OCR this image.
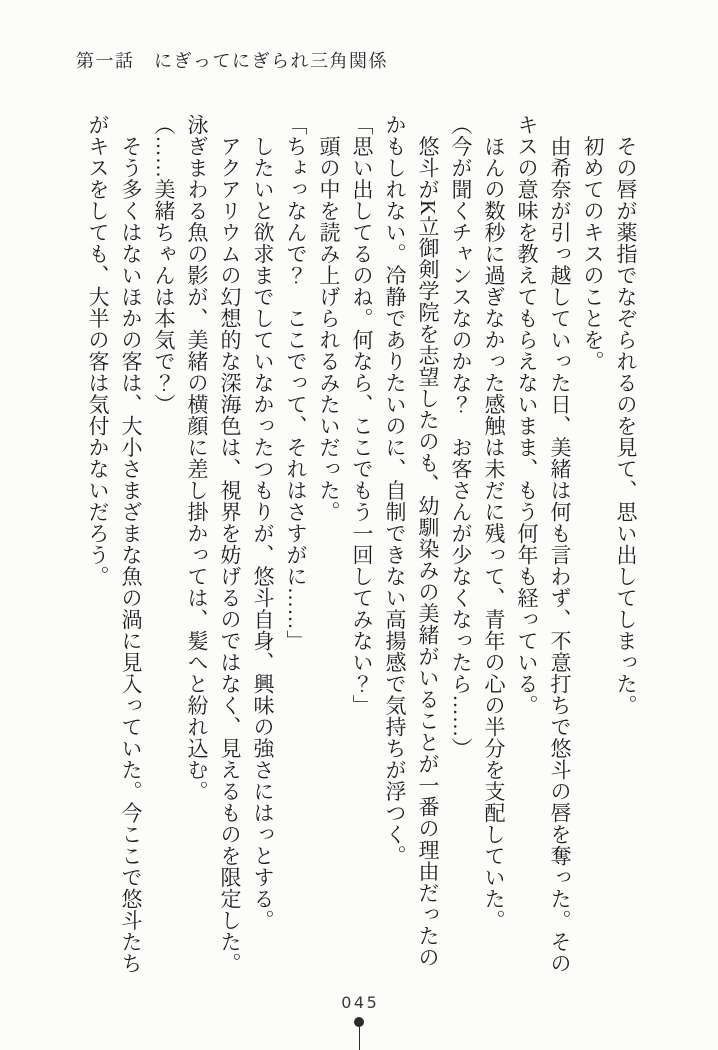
第一話　にぎってにぎられ三角関係
　その唇が薬指でなぞられるのを見て、思い出してしまった。
　初めてのキスのことを。
　由希奈が引っ越していった日、美緒は何も言わず、不意打ちで悠斗の唇を奪った。その
キスの意味を教えてもらえないまま、もう何年も経っている。
　ほんの数秒に過ぎなかった感触は未だに残って、青年の心の半分を支配していた。
（今が聞くチャンスなのかな？　お客さんが少なくなったら……）
　悠斗がK立御剣学院を志望したのも、幼馴染みの美緒がいることが一番の理由だったの
かもしれない。冷静でありたいのに、自制できない高揚感で気持ちが浮つく。
「思い出してるのね。何なら、ここでもう一回してみない？」
　頭の中を読み上げられるみたいだった。
「ちょっなんで？　ここでって、それはさすがに……」
　したいと欲求までしていなかったつもりが、悠斗自身、興味の強さにはっとする。
　アクアリウムの幻想的な深海色は、視界を妨げるのではなく、見えるものを限定した。
泳ぎまわる魚の影が、美緒の横顔に差し掛かっては、髪へと紛れ込む。
（……美緒ちゃんは本気で？）
　そう多くはないほかの客は、大小さまざまな魚の渦に見入っていた。今ここで悠斗たち
がキスをしても、大半の客は気付かないだろう。
045
